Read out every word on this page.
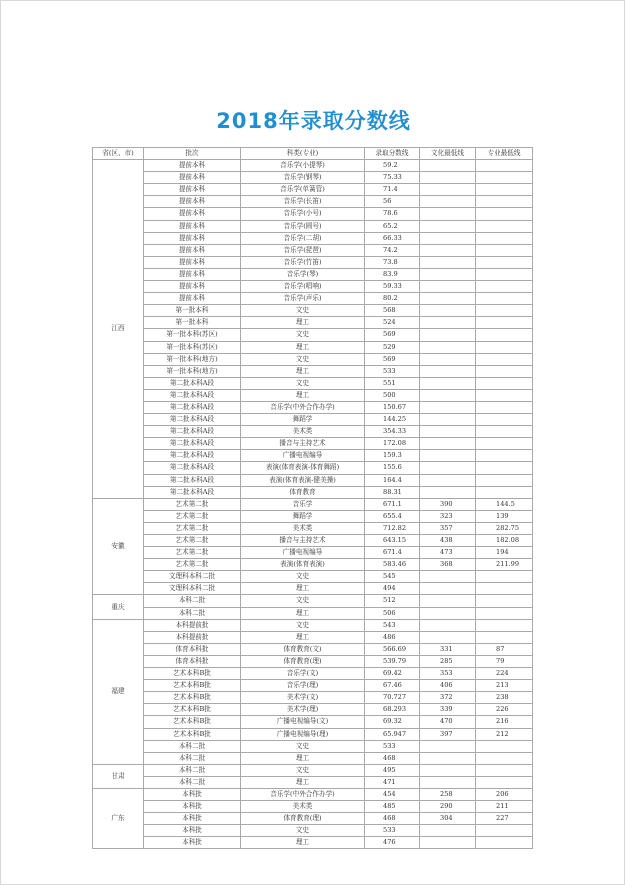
2018年录取分数线
省(区、市)	批次	科类(专业)	录取分数线	文化最低线	专业最低线
江西	提前本科	音乐学(小提琴)	59.2		
	提前本科	音乐学(钢琴)	75.33		
	提前本科	音乐学(单簧管)	71.4		
	提前本科	音乐学(长笛)	56		
	提前本科	音乐学(小号)	78.6		
	提前本科	音乐学(圆号)	65.2		
	提前本科	音乐学(二胡)	66.33		
	提前本科	音乐学(琵琶)	74.2		
	提前本科	音乐学(竹笛)	73.8		
	提前本科	音乐学(琴)	83.9		
	提前本科	音乐学(唱响)	59.33		
	提前本科	音乐学(声乐)	80.2		
	第一批本科	文史	568		
	第一批本科	理工	524		
	第一批本科(苏区)	文史	569		
	第一批本科(苏区)	理工	529		
	第一批本科(地方)	文史	569		
	第一批本科(地方)	理工	533		
	第二批本科A段	文史	551		
	第二批本科A段	理工	500		
	第二批本科A段	音乐学(中外合作办学)	150.67		
	第二批本科A段	舞蹈学	144.25		
	第二批本科A段	美术类	354.33		
	第二批本科A段	播音与主持艺术	172.08		
	第二批本科A段	广播电视编导	159.3		
	第二批本科A段	表演(体育表演-体育舞蹈)	155.6		
	第二批本科A段	表演(体育表演-健美操)	164.4		
	第二批本科A段	体育教育	88.31		
安徽	艺术第二批	音乐学	671.1	390	144.5
	艺术第二批	舞蹈学	655.4	323	139
	艺术第二批	美术类	712.82	357	282.75
	艺术第二批	播音与主持艺术	643.15	438	182.08
	艺术第二批	广播电视编导	671.4	473	194
	艺术第二批	表演(体育表演)	583.46	368	211.99
	文理科本科二批	文史	545		
	文理科本科二批	理工	494		
重庆	本科二批	文史	512		
	本科二批	理工	506		
福建	本科提前批	文史	543		
	本科提前批	理工	486		
	体育本科批	体育教育(文)	566.69	331	87
	体育本科批	体育教育(理)	539.79	285	79
	艺术本科B批	音乐学(文)	69.42	353	224
	艺术本科B批	音乐学(理)	67.46	406	213
	艺术本科B批	美术学(文)	70.727	372	238
	艺术本科B批	美术学(理)	68.293	339	226
	艺术本科B批	广播电视编导(文)	69.32	470	216
	艺术本科B批	广播电视编导(理)	65.947	397	212
	本科二批	文史	533		
	本科二批	理工	468		
甘肃	本科二批	文史	495		
	本科二批	理工	471		
广东	本科批	音乐学(中外合作办学)	454	258	206
	本科批	美术类	485	290	211
	本科批	体育教育(理)	468	304	227
	本科批	文史	533		
	本科批	理工	476		
